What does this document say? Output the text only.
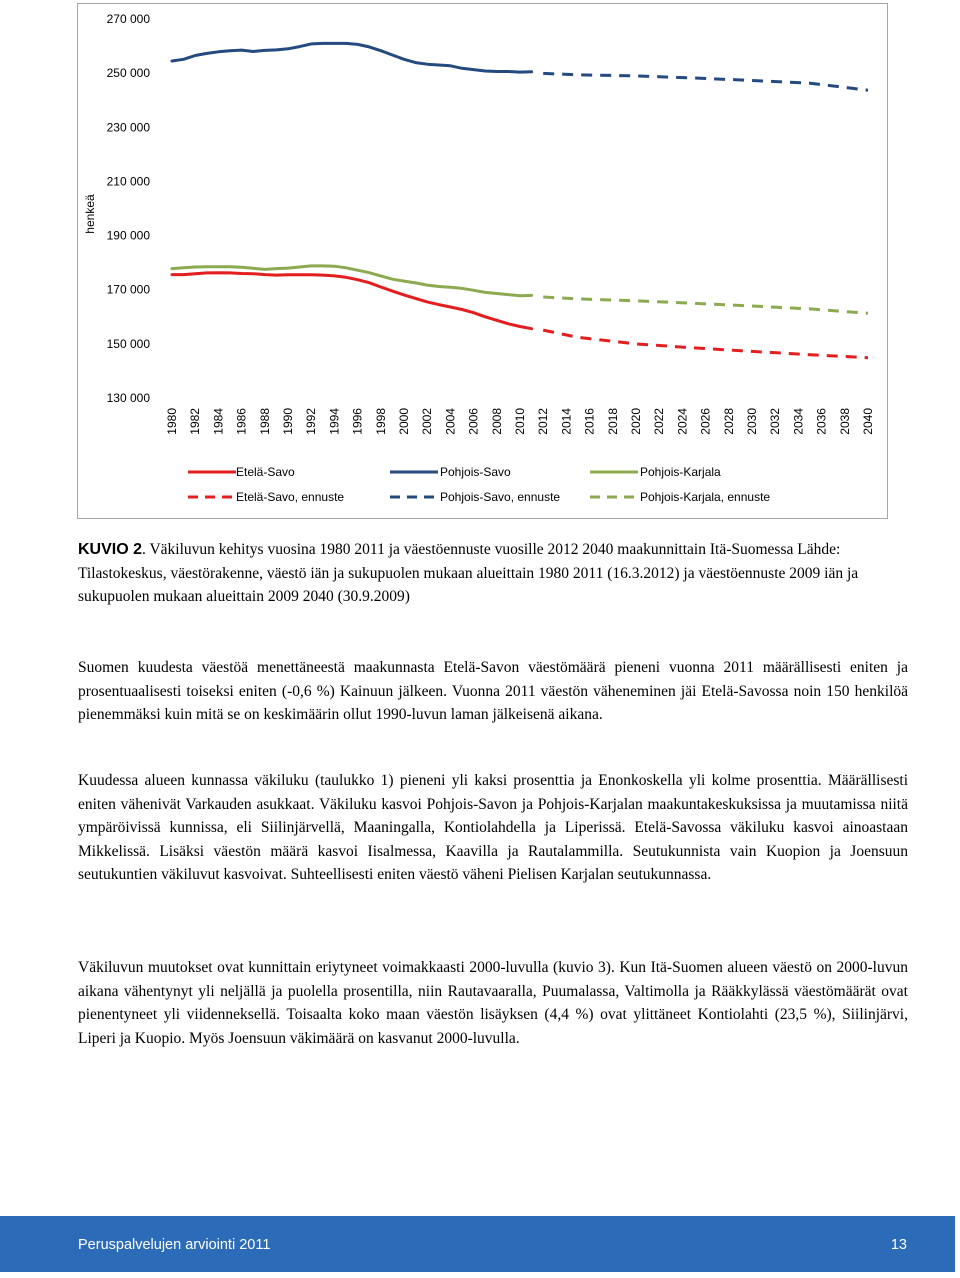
henkeä
270 000
250 000
230 000
210 000
190 000
170 000
150 000
130 000
1980 1982 1984 1986 1988 1990 1992 1994 1996 1998 2000 2002 2004 2006 2008 2010 2012 2014 2016 2018 2020 2022 2024 2026 2028 2030 2032 2034 2036 2038 2040
Etelä-Savo	Pohjois-Savo	Pohjois-Karjala
Etelä-Savo, ennuste	Pohjois-Savo, ennuste	Pohjois-Karjala, ennuste
KUVIO 2. Väkiluvun kehitys vuosina 1980 2011 ja väestöennuste vuosille 2012 2040 maakunnittain Itä-Suomessa Lähde: Tilastokeskus, väestörakenne, väestö iän ja sukupuolen mukaan alueittain 1980 2011 (16.3.2012) ja väestöennuste 2009 iän ja sukupuolen mukaan alueittain 2009 2040 (30.9.2009)

Suomen kuudesta väestöä menettäneestä maakunnasta Etelä-Savon väestömäärä pieneni vuonna 2011 määrällisesti eniten ja prosentuaalisesti toiseksi eniten (-0,6 %) Kainuun jälkeen. Vuonna 2011 väestön väheneminen jäi Etelä-Savossa noin 150 henkilöä pienemmäksi kuin mitä se on keskimäärin ollut 1990-luvun laman jälkeisenä aikana.

Kuudessa alueen kunnassa väkiluku (taulukko 1) pieneni yli kaksi prosenttia ja Enonkoskella yli kolme prosenttia. Määrällisesti eniten vähenivät Varkauden asukkaat. Väkiluku kasvoi Pohjois-Savon ja Pohjois-Karjalan maakuntakeskuksissa ja muutamissa niitä ympäröivissä kunnissa, eli Siilinjärvellä, Maaningalla, Kontiolahdella ja Liperissä. Etelä-Savossa väkiluku kasvoi ainoastaan Mikkelissä. Lisäksi väestön määrä kasvoi Iisalmessa, Kaavilla ja Rautalammilla. Seutukunnista vain Kuopion ja Joensuun seutukuntien väkiluvut kasvoivat. Suhteellisesti eniten väestö väheni Pielisen Karjalan seutukunnassa.

Väkiluvun muutokset ovat kunnittain eriytyneet voimakkaasti 2000-luvulla (kuvio 3). Kun Itä-Suomen alueen väestö on 2000-luvun aikana vähentynyt yli neljällä ja puolella prosentilla, niin Rautavaaralla, Puumalassa, Valtimolla ja Rääkkylässä väestömäärät ovat pienentyneet yli viidenneksellä. Toisaalta koko maan väestön lisäyksen (4,4 %) ovat ylittäneet Kontiolahti (23,5 %), Siilinjärvi, Liperi ja Kuopio. Myös Joensuun väkimäärä on kasvanut 2000-luvulla.

Peruspalvelujen arviointi 2011	13
